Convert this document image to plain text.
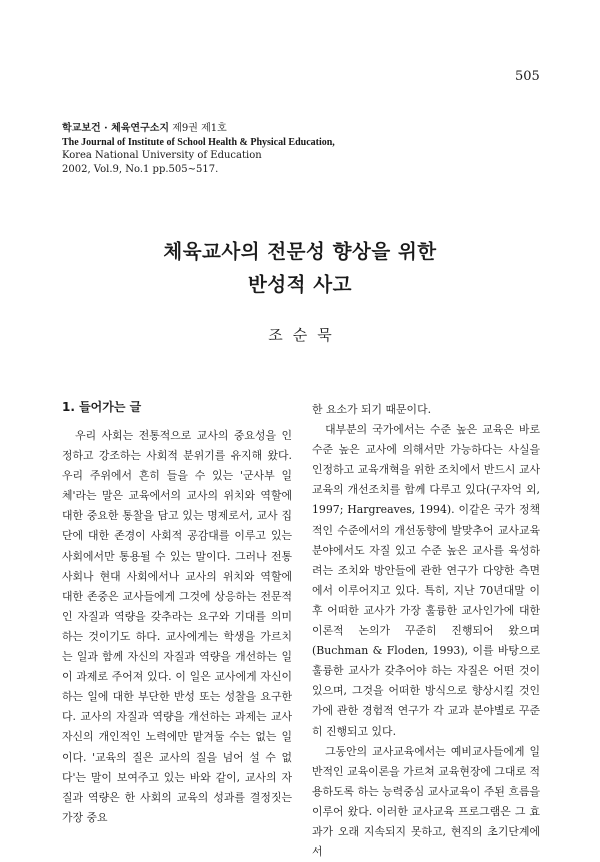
505
학교보건 · 체육연구소지 제9권 제1호
The Journal of Institute of School Health & Physical Education,
Korea National University of Education
2002, Vol.9, No.1 pp.505∼517.
체육교사의 전문성 향상을 위한
반성적 사고
조순묵
1. 들어가는 글

우리 사회는 전통적으로 교사의 중요성을 인정하고 강조하는 사회적 분위기를 유지해 왔다. 우리 주위에서 흔히 들을 수 있는 '군사부 일체'라는 말은 교육에서의 교사의 위치와 역할에 대한 중요한 통찰을 담고 있는 명제로서, 교사 집단에 대한 존경이 사회적 공감대를 이루고 있는 사회에서만 통용될 수 있는 말이다. 그러나 전통 사회나 현대 사회에서나 교사의 위치와 역할에 대한 존중은 교사들에게 그것에 상응하는 전문적인 자질과 역량을 갖추라는 요구와 기대를 의미하는 것이기도 하다. 교사에게는 학생을 가르치는 일과 함께 자신의 자질과 역량을 개선하는 일이 과제로 주어져 있다. 이 일은 교사에게 자신이 하는 일에 대한 부단한 반성 또는 성찰을 요구한다. 교사의 자질과 역량을 개선하는 과제는 교사 자신의 개인적인 노력에만 맡겨둘 수는 없는 일이다. '교육의 질은 교사의 질을 넘어 설 수 없다'는 말이 보여주고 있는 바와 같이, 교사의 자질과 역량은 한 사회의 교육의 성과를 결정짓는 가장 중요

한 요소가 되기 때문이다.

대부분의 국가에서는 수준 높은 교육은 바로 수준 높은 교사에 의해서만 가능하다는 사실을 인정하고 교육개혁을 위한 조치에서 반드시 교사교육의 개선조치를 함께 다루고 있다(구자억 외, 1997; Hargreaves, 1994). 이같은 국가 정책적인 수준에서의 개선동향에 발맞추어 교사교육 분야에서도 자질 있고 수준 높은 교사를 육성하려는 조치와 방안들에 관한 연구가 다양한 측면에서 이루어지고 있다. 특히, 지난 70년대말 이후 어떠한 교사가 가장 훌륭한 교사인가에 대한 이론적 논의가 꾸준히 진행되어 왔으며(Buchman & Floden, 1993), 이를 바탕으로 훌륭한 교사가 갖추어야 하는 자질은 어떤 것이 있으며, 그것을 어떠한 방식으로 향상시킬 것인가에 관한 경험적 연구가 각 교과 분야별로 꾸준히 진행되고 있다.

그동안의 교사교육에서는 예비교사들에게 일반적인 교육이론을 가르쳐 교육현장에 그대로 적용하도록 하는 능력중심 교사교육이 주된 흐름을 이루어 왔다. 이러한 교사교육 프로그램은 그 효과가 오래 지속되지 못하고, 현직의 초기단계에서
